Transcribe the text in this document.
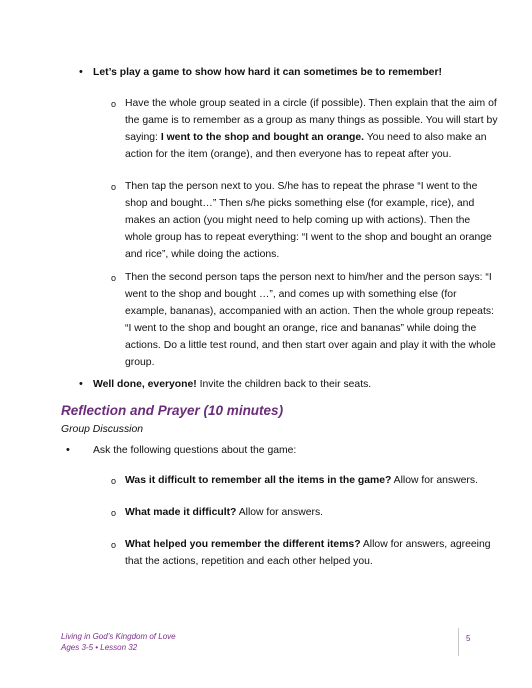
• Let’s play a game to show how hard it can sometimes be to remember!
o Have the whole group seated in a circle (if possible). Then explain that the aim of
the game is to remember as a group as many things as possible. You will start by
saying: I went to the shop and bought an orange. You need to also make an
action for the item (orange), and then everyone has to repeat after you.
o Then tap the person next to you. S/he has to repeat the phrase “I went to the
shop and bought…” Then s/he picks something else (for example, rice), and
makes an action (you might need to help coming up with actions). Then the
whole group has to repeat everything: “I went to the shop and bought an orange
and rice”, while doing the actions.
o Then the second person taps the person next to him/her and the person says: “I
went to the shop and bought …”, and comes up with something else (for
example, bananas), accompanied with an action. Then the whole group repeats:
“I went to the shop and bought an orange, rice and bananas” while doing the
actions. Do a little test round, and then start over again and play it with the whole
group.
• Well done, everyone! Invite the children back to their seats.
Reflection and Prayer (10 minutes)
Group Discussion
• Ask the following questions about the game:
o Was it difficult to remember all the items in the game? Allow for answers.
o What made it difficult? Allow for answers.
o What helped you remember the different items? Allow for answers, agreeing
that the actions, repetition and each other helped you.
Living in God’s Kingdom of Love
Ages 3-5 • Lesson 32
5
